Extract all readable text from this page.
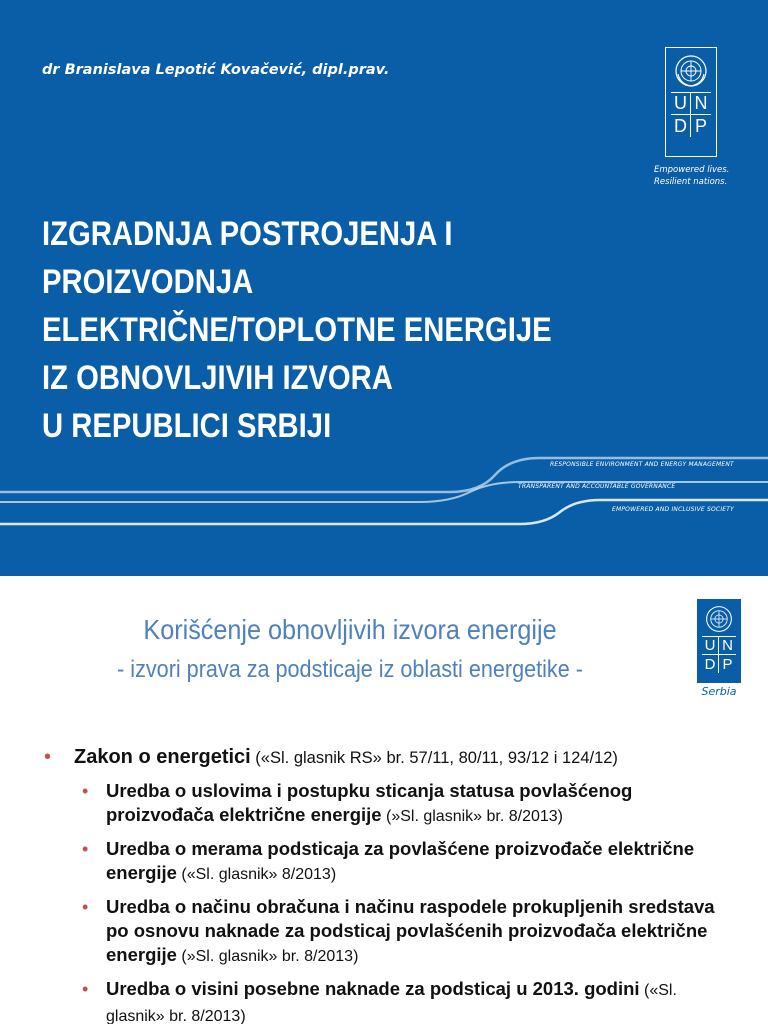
dr Branislava Lepotić Kovačević, dipl.prav.
IZGRADNJA POSTROJENJA I
PROIZVODNJA
ELEKTRIČNE/TOPLOTNE ENERGIJE
IZ OBNOVLJIVIH IZVORA
U REPUBLICI SRBIJI
U N
D P
Empowered lives.
Resilient nations.
RESPONSIBLE ENVIRONMENT AND ENERGY MANAGEMENT
TRANSPARENT AND ACCOUNTABLE GOVERNANCE
EMPOWERED AND INCLUSIVE SOCIETY
Korišćenje obnovljivih izvora energije
- izvori prava za podsticaje iz oblasti energetike -
U N
D P
Serbia
• Zakon o energetici («Sl. glasnik RS» br. 57/11, 80/11, 93/12 i 124/12)
• Uredba o uslovima i postupku sticanja statusa povlašćenog proizvođača električne energije (»Sl. glasnik» br. 8/2013)
• Uredba o merama podsticaja za povlašćene proizvođače električne energije («Sl. glasnik» 8/2013)
• Uredba o načinu obračuna i načinu raspodele prokupljenih sredstava po osnovu naknade za podsticaj povlašćenih proizvođača električne energije (»Sl. glasnik» br. 8/2013)
• Uredba o visini posebne naknade za podsticaj u 2013. godini («Sl. glasnik» br. 8/2013)
